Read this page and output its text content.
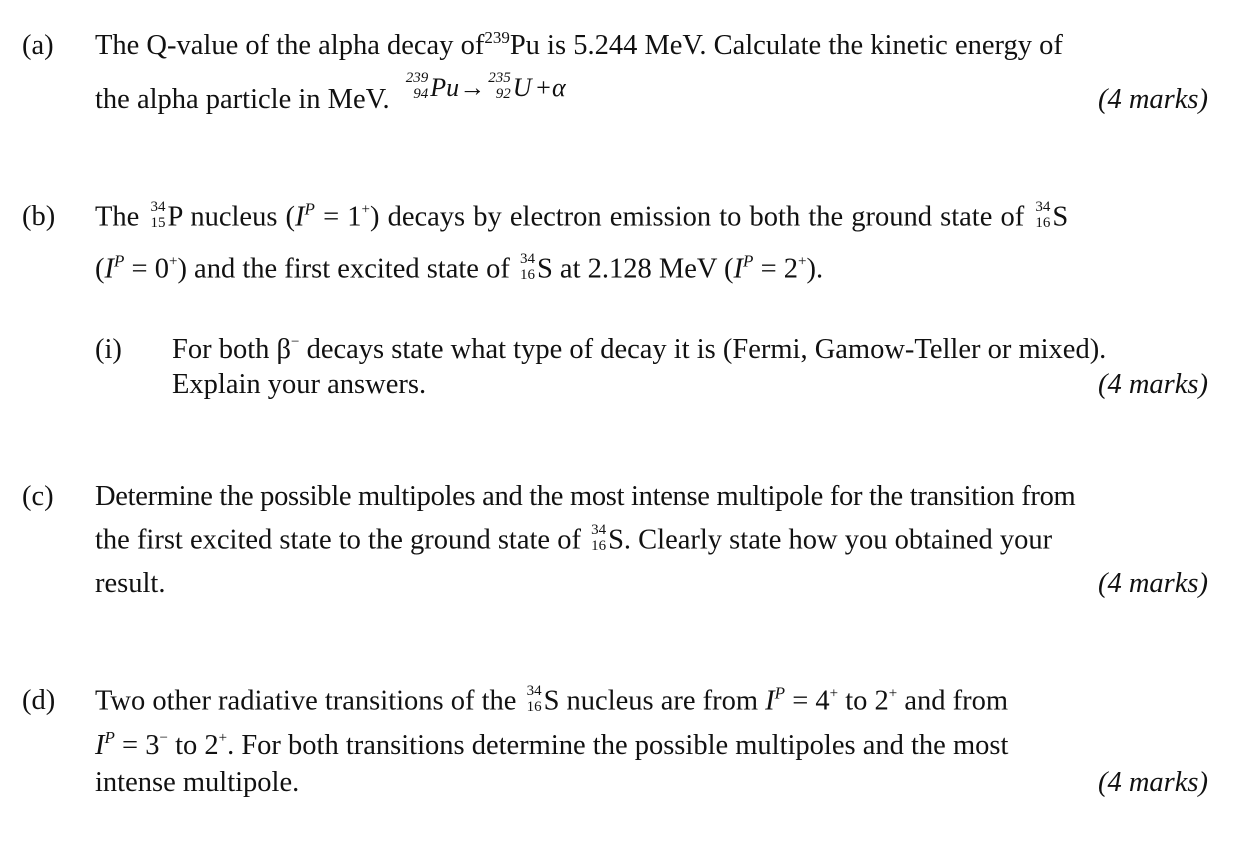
(a) The Q-value of the alpha decay $of^{239}Pu$ is 5.244 MeV. Calculate the kinetic energy of
the alpha particle in MeV.
239
94 Pu→ 235
92 U +α	(4 marks)
(b) The 34
15 P nucleus $(I^P = 1^+)$ decays by electron emission to both the ground state of 34
16 S
$(I^P = 0^+)$ and the first excited state of 34
16 S at 2.128 MeV $(I^P = 2^+)$.
(i) For both β− decays state what type of decay it is (Fermi, Gamow-Teller or mixed).
Explain your answers.	(4 marks)
(c) Determine the possible multipoles and the most intense multipole for the transition from
the first excited state to the ground state of 34
16 S. Clearly state how you obtained your
result.	(4 marks)
(d) Two other radiative transitions of the 34
16 S nucleus are from $I^P = 4^+$ to 2+ and from
$I^P = 3^-$ to 2+. For both transitions determine the possible multipoles and the most
intense multipole.	(4 marks)
